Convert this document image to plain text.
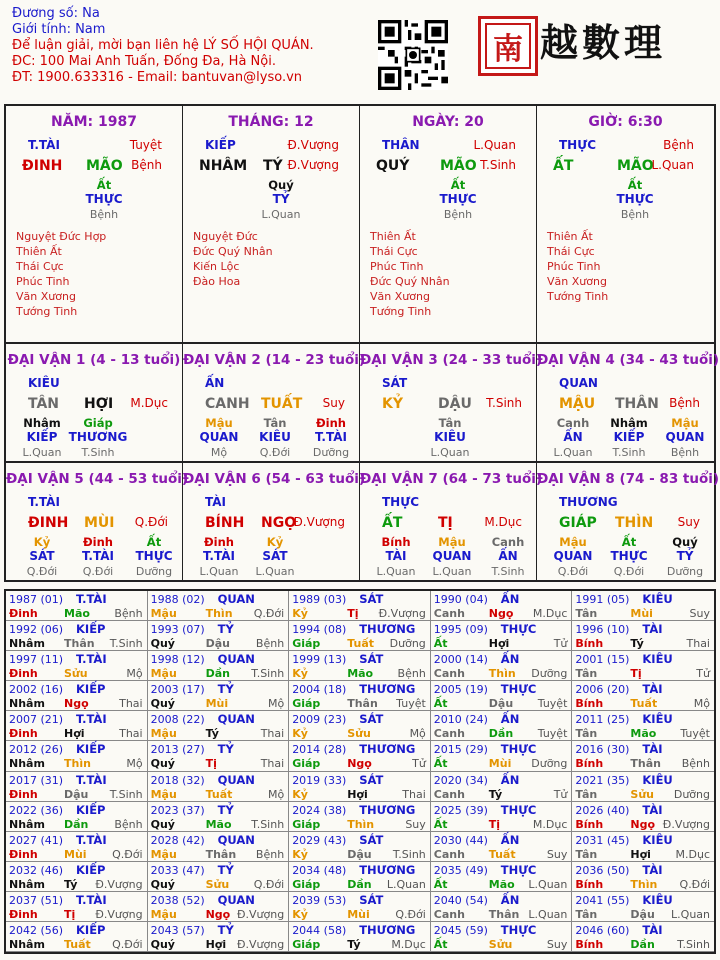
Đương số: Na
Giới tính: Nam
Để luận giải, mời bạn liên hệ LÝ SỐ HỘI QUÁN.
ĐC: 100 Mai Anh Tuấn, Đống Đa, Hà Nội.
ĐT: 1900.633316 - Email: bantuvan@lyso.vn
南 越數理
NĂM: 1987
T.TÀI	Tuyệt
ĐINH MÃO Bệnh
Ất
THỰC
Bệnh
Nguyệt Đức Hợp
Thiên Ất
Thái Cực
Phúc Tinh
Văn Xương
Tướng Tinh
THÁNG: 12
KIẾP	Đ.Vượng
NHÂM TÝ Đ.Vượng
Quý
TỶ
L.Quan
Nguyệt Đức
Đức Quý Nhân
Kiến Lộc
Đào Hoa
NGÀY: 20
THÂN	L.Quan
QUÝ MÃO T.Sinh
Ất
THỰC
Bệnh
Thiên Ất
Thái Cực
Phúc Tinh
Đức Quý Nhân
Văn Xương
Tướng Tinh
GIỜ: 6:30
THỰC	Bệnh
ẤT	MÃO
L.Quan
Ất
THỰC
Bệnh
Thiên Ất
Thái Cực
Phúc Tinh
Văn Xương
Tướng Tinh
ĐẠI VẬN 1 (4 - 13 tuổi)
KIÊU
TÂN HỢI M.Dục
Nhâm
KIẾP
L.Quan
Giáp
THƯƠNG
T.Sinh
ĐẠI VẬN 2 (14 - 23 tuổi)
ẤN
CANH TUẤT Suy
Mậu
QUAN
Mộ
Tân
KIÊU
Q.Đới
Đinh
T.TÀI
Dưỡng
ĐẠI VẬN 3 (24 - 33 tuổi)
SÁT
KỶ	DẬU T.Sinh
Tân
KIÊU
L.Quan
ĐẠI VẬN 4 (34 - 43 tuổi)
QUAN
MẬU THÂN Bệnh
Canh
ẤN
L.Quan
Nhâm
KIẾP
T.Sinh
Mậu
QUAN
Bệnh
ĐẠI VẬN 5 (44 - 53 tuổi)
T.TÀI
ĐINH MÙI Q.Đới
Kỷ
SÁT
Q.Đới
Đinh
T.TÀI
Q.Đới
Ất
THỰC
Dưỡng
ĐẠI VẬN 6 (54 - 63 tuổi)
TÀI
BÍNH NGỌ
Đ.Vượng
Đinh
T.TÀI
L.Quan
Kỷ
SÁT
L.Quan
ĐẠI VẬN 7 (64 - 73 tuổi)
THỰC
ẤT	TỊ	M.Dục
Bính
TÀI
L.Quan
Mậu
QUAN
L.Quan
Canh
ẤN
T.Sinh
ĐẠI VẬN 8 (74 - 83 tuổi)
THƯƠNG
GIÁP THÌN Suy
Mậu
QUAN
Q.Đới
Ất
THỰC
Q.Đới
Quý
TỶ
Dưỡng
1987 (01) T.TÀI
Đinh Mão Bệnh
1988 (02) QUAN
Mậu	Thìn Q.Đới
1989 (03) SÁT
Kỷ	Tị Đ.Vượng
1990 (04) ẤN
Canh Ngọ M.Dục
1991 (05) KIÊU
Tân	Mùi	Suy
1992 (06) KIẾP
Nhâm Thân T.Sinh
1993 (07) TỶ
Quý	Dậu Bệnh
1994 (08) THƯƠNG
Giáp Tuất Dưỡng
1995 (09) THỰC
Ất	Hợi	Tử
1996 (10) TÀI
Bính Tý	Thai
1997 (11) T.TÀI
Đinh Sửu	Mộ
1998 (12) QUAN
Mậu	Dần T.Sinh
1999 (13) SÁT
Kỷ	Mão Bệnh
2000 (14) ẤN
Canh Thìn Dưỡng
2001 (15) KIÊU
Tân	Tị	Tử
2002 (16) KIẾP
Nhâm Ngọ	Thai
2003 (17) TỶ
Quý	Mùi	Mộ
2004 (18) THƯƠNG
Giáp Thân Tuyệt
2005 (19) THỰC
Ất	Dậu Tuyệt
2006 (20) TÀI
Bính Tuất	Mộ
2007 (21) T.TÀI
Đinh Hợi	Thai
2008 (22) QUAN
Mậu	Tý	Thai
2009 (23) SÁT
Kỷ	Sửu	Mộ
2010 (24) ẤN
Canh Dần Tuyệt
2011 (25) KIÊU
Tân	Mão Tuyệt
2012 (26) KIẾP
Nhâm Thìn	Mộ
2013 (27) TỶ
Quý	Tị	Thai
2014 (28) THƯƠNG
Giáp Ngọ	Tử
2015 (29) THỰC
Ất	Mùi Dưỡng
2016 (30) TÀI
Bính Thân Bệnh
2017 (31) T.TÀI
Đinh Dậu T.Sinh
2018 (32) QUAN
Mậu	Tuất	Mộ
2019 (33) SÁT
Kỷ	Hợi	Thai
2020 (34) ẤN
Canh Tý	Tử
2021 (35) KIÊU
Tân	Sửu Dưỡng
2022 (36) KIẾP
Nhâm Dần Bệnh
2023 (37) TỶ
Quý	Mão T.Sinh
2024 (38) THƯƠNG
Giáp Thìn	Suy
2025 (39) THỰC
Ất	Tị	M.Dục
2026 (40) TÀI
Bính Ngọ Đ.Vượng
2027 (41) T.TÀI
Đinh Mùi Q.Đới
2028 (42) QUAN
Mậu	Thân Bệnh
2029 (43) SÁT
Kỷ	Dậu T.Sinh
2030 (44) ẤN
Canh Tuất	Suy
2031 (45) KIÊU
Tân	Hợi M.Dục
2032 (46) KIẾP
Nhâm Tý Đ.Vượng
2033 (47) TỶ
Quý	Sửu Q.Đới
2034 (48) THƯƠNG
Giáp Dần L.Quan
2035 (49) THỰC
Ất	Mão L.Quan
2036 (50) TÀI
Bính Thìn Q.Đới
2037 (51) T.TÀI
Đinh Tị Đ.Vượng
2038 (52) QUAN
Mậu	Ngọ Đ.Vượng
2039 (53) SÁT
Kỷ	Mùi Q.Đới
2040 (54) ẤN
Canh Thân L.Quan
2041 (55) KIÊU
Tân	Dậu L.Quan
2042 (56) KIẾP
Nhâm Tuất Q.Đới
2043 (57) TỶ
Quý	Hợi Đ.Vượng
2044 (58) THƯƠNG
Giáp Tý	M.Dục
2045 (59) THỰC
Ất	Sửu	Suy
2046 (60) TÀI
Bính Dần T.Sinh
